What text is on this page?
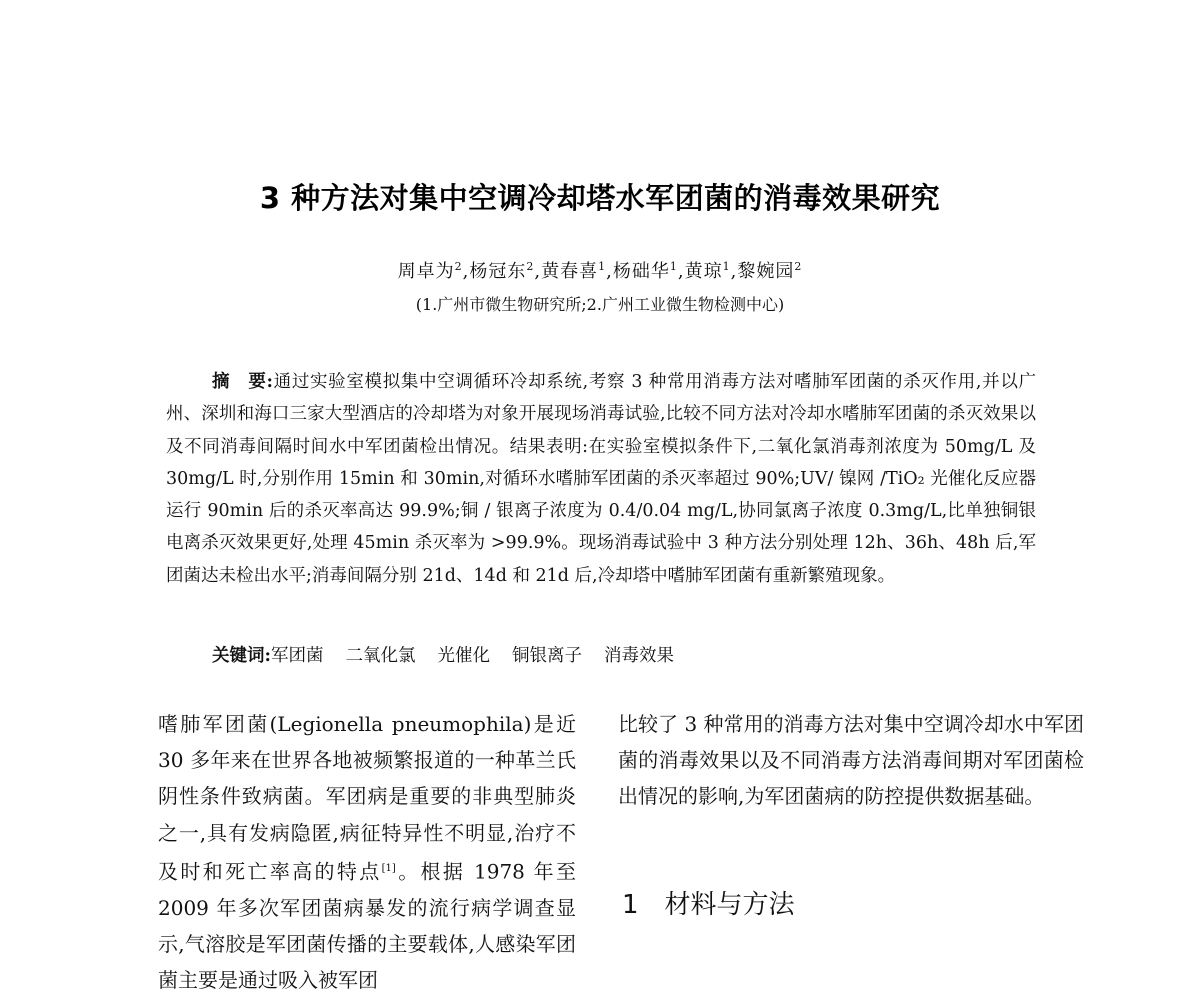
3 种方法对集中空调冷却塔水军团菌的消毒效果研究
周卓为$^2$,杨冠东$^2$,黄春喜$^1$,杨础华$^1$,黄琼$^1$,黎婉园$^2$
(1.广州市微生物研究所;2.广州工业微生物检测中心)
摘　要:通过实验室模拟集中空调循环冷却系统,考察 3 种常用消毒方法对嗜肺军团菌的杀灭作用,并以广州、深圳和海口三家大型酒店的冷却塔为对象开展现场消毒试验,比较不同方法对冷却水嗜肺军团菌的杀灭效果以及不同消毒间隔时间水中军团菌检出情况。结果表明:在实验室模拟条件下,二氧化氯消毒剂浓度为 50mg/L 及 30mg/L 时,分别作用 15min 和 30min,对循环水嗜肺军团菌的杀灭率超过 90%;UV/ 镍网 /TiO₂ 光催化反应器运行 90min 后的杀灭率高达 99.9%;铜 / 银离子浓度为 0.4/0.04 mg/L,协同氯离子浓度 0.3mg/L,比单独铜银电离杀灭效果更好,处理 45min 杀灭率为 >99.9%。现场消毒试验中 3 种方法分别处理 12h、36h、48h 后,军团菌达未检出水平;消毒间隔分别 21d、14d 和 21d 后,冷却塔中嗜肺军团菌有重新繁殖现象。
关键词:军团菌 二氧化氯 光催化 铜银离子 消毒效果

嗜肺军团菌(Legionella pneumophila)是近 30 多年来在世界各地被频繁报道的一种革兰氏阴性条件致病菌。军团病是重要的非典型肺炎之一,具有发病隐匿,病征特异性不明显,治疗不及时和死亡率高的特点[1]。根据 1978 年至 2009 年多次军团菌病暴发的流行病学调查显示,气溶胶是军团菌传播的主要载体,人感染军团菌主要是通过吸入被军团

比较了 3 种常用的消毒方法对集中空调冷却水中军团菌的消毒效果以及不同消毒方法消毒间期对军团菌检出情况的影响,为军团菌病的防控提供数据基础。

1 材料与方法
